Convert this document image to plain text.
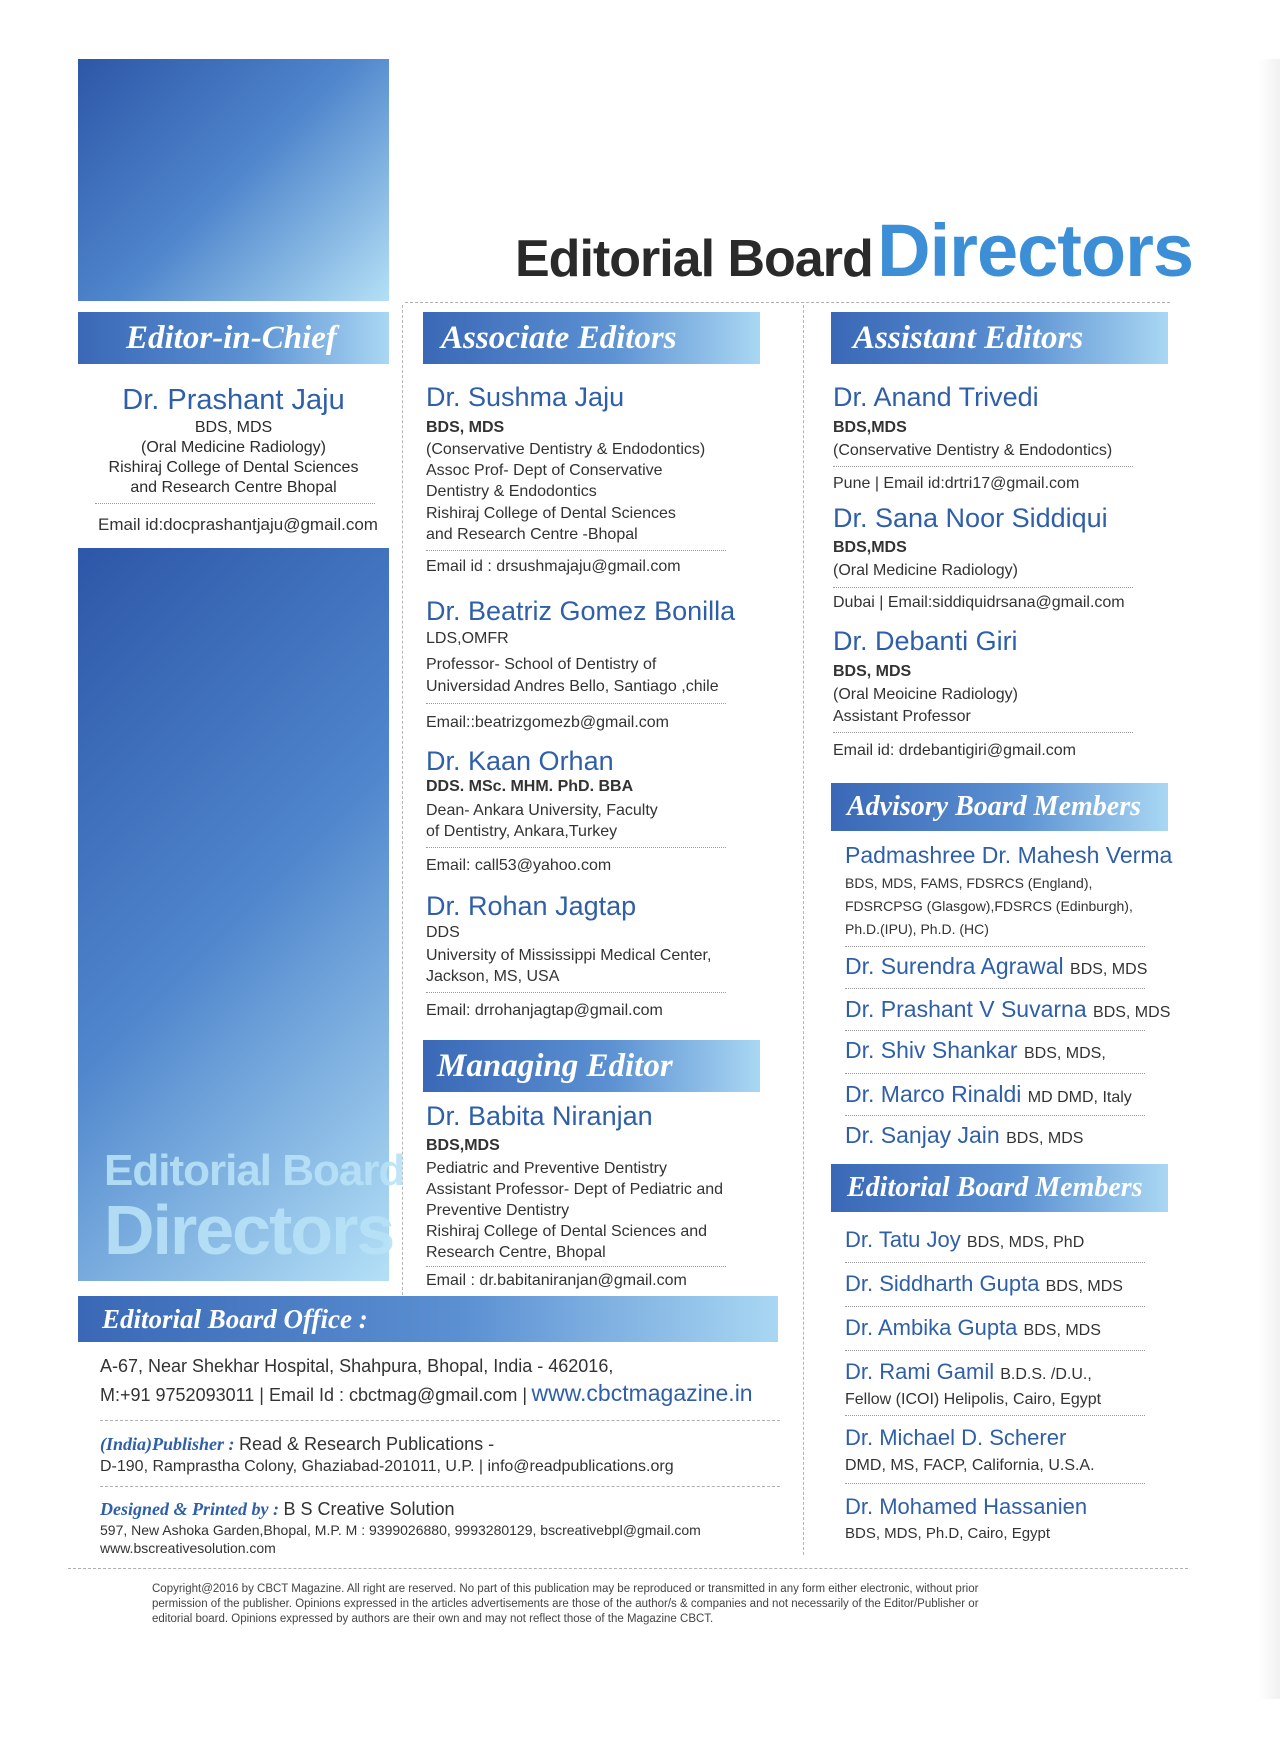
Editorial Board Directors
Editor-in-Chief
Dr. Prashant Jaju
BDS, MDS
(Oral Medicine Radiology)
Rishiraj College of Dental Sciences
and Research Centre Bhopal
Email id:docprashantjaju@gmail.com
Editorial Board
Directors
Associate Editors
Dr. Sushma Jaju
BDS, MDS
(Conservative Dentistry & Endodontics)
Assoc Prof- Dept of Conservative
Dentistry & Endodontics
Rishiraj College of Dental Sciences
and Research Centre -Bhopal
Email id : drsushmajaju@gmail.com
Dr. Beatriz Gomez Bonilla
LDS,OMFR
Professor- School of Dentistry of
Universidad Andres Bello, Santiago ,chile
Email::beatrizgomezb@gmail.com
Dr. Kaan Orhan
DDS. MSc. MHM. PhD. BBA
Dean- Ankara University, Faculty
of Dentistry, Ankara,Turkey
Email: call53@yahoo.com
Dr. Rohan Jagtap
DDS
University of Mississippi Medical Center,
Jackson, MS, USA
Email: drrohanjagtap@gmail.com
Managing Editor
Dr. Babita Niranjan
BDS,MDS
Pediatric and Preventive Dentistry
Assistant Professor- Dept of Pediatric and
Preventive Dentistry
Rishiraj College of Dental Sciences and
Research Centre, Bhopal
Email : dr.babitaniranjan@gmail.com
Assistant Editors
Dr. Anand Trivedi
BDS,MDS
(Conservative Dentistry & Endodontics)
Pune | Email id:drtri17@gmail.com
Dr. Sana Noor Siddiqui
BDS,MDS
(Oral Medicine Radiology)
Dubai | Email:siddiquidrsana@gmail.com
Dr. Debanti Giri
BDS, MDS
(Oral Meoicine Radiology)
Assistant Professor
Email id: drdebantigiri@gmail.com
Advisory Board Members
Padmashree Dr. Mahesh Verma
BDS, MDS, FAMS, FDSRCS (England),
FDSRCPSG (Glasgow),FDSRCS (Edinburgh),
Ph.D.(IPU), Ph.D. (HC)
Dr. Surendra Agrawal BDS, MDS
Dr. Prashant V Suvarna BDS, MDS
Dr. Shiv Shankar BDS, MDS,
Dr. Marco Rinaldi MD DMD, Italy
Dr. Sanjay Jain BDS, MDS
Editorial Board Members
Dr. Tatu Joy BDS, MDS, PhD
Dr. Siddharth Gupta BDS, MDS
Dr. Ambika Gupta BDS, MDS
Dr. Rami Gamil B.D.S. /D.U.,
Fellow (ICOI) Helipolis, Cairo, Egypt
Dr. Michael D. Scherer
DMD, MS, FACP, California, U.S.A.
Dr. Mohamed Hassanien
BDS, MDS, Ph.D, Cairo, Egypt
Editorial Board Office :
A-67, Near Shekhar Hospital, Shahpura, Bhopal, India - 462016,
M:+91 9752093011 | Email Id : cbctmag@gmail.com | www.cbctmagazine.in
(India)Publisher : Read & Research Publications -
D-190, Ramprastha Colony, Ghaziabad-201011, U.P. | info@readpublications.org
Designed & Printed by : B S Creative Solution
597, New Ashoka Garden,Bhopal, M.P. M : 9399026880, 9993280129, bscreativebpl@gmail.com
www.bscreativesolution.com
Copyright@2016 by CBCT Magazine. All right are reserved. No part of this publication may be reproduced or transmitted in any form either electronic, without prior
permission of the publisher. Opinions expressed in the articles advertisements are those of the author/s & companies and not necessarily of the Editor/Publisher or
editorial board. Opinions expressed by authors are their own and may not reflect those of the Magazine CBCT.
